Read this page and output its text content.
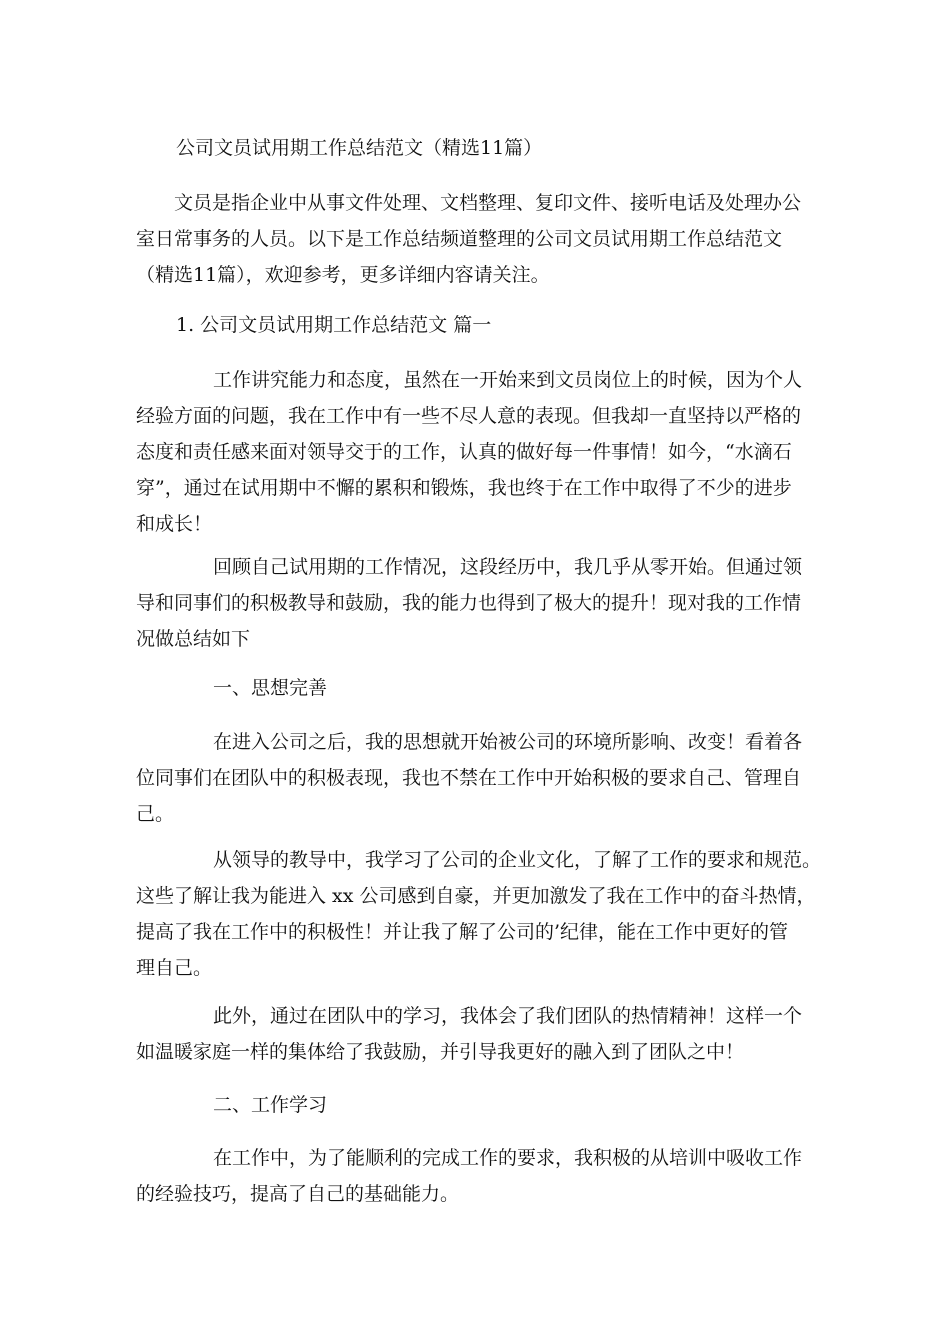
公司文员试用期工作总结范文（精选11篇）
文员是指企业中从事文件处理、文档整理、复印文件、接听电话及处理办公
室日常事务的人员。以下是工作总结频道整理的公司文员试用期工作总结范文
（精选11篇），欢迎参考，更多详细内容请关注。
1. 公司文员试用期工作总结范文 篇一
工作讲究能力和态度，虽然在一开始来到文员岗位上的时候，因为个人
经验方面的问题，我在工作中有一些不尽人意的表现。但我却一直坚持以严格的
态度和责任感来面对领导交于的工作，认真的做好每一件事情！如今，“水滴石
穿”，通过在试用期中不懈的累积和锻炼，我也终于在工作中取得了不少的进步
和成长！
回顾自己试用期的工作情况，这段经历中，我几乎从零开始。但通过领
导和同事们的积极教导和鼓励，我的能力也得到了极大的提升！现对我的工作情
况做总结如下
一、思想完善
在进入公司之后，我的思想就开始被公司的环境所影响、改变！看着各
位同事们在团队中的积极表现，我也不禁在工作中开始积极的要求自己、管理自
己。
从领导的教导中，我学习了公司的企业文化，了解了工作的要求和规范。
这些了解让我为能进入 xx 公司感到自豪，并更加激发了我在工作中的奋斗热情，
提高了我在工作中的积极性！并让我了解了公司的’纪律，能在工作中更好的管
理自己。
此外，通过在团队中的学习，我体会了我们团队的热情精神！这样一个
如温暖家庭一样的集体给了我鼓励，并引导我更好的融入到了团队之中！
二、工作学习
在工作中，为了能顺利的完成工作的要求，我积极的从培训中吸收工作
的经验技巧，提高了自己的基础能力。
